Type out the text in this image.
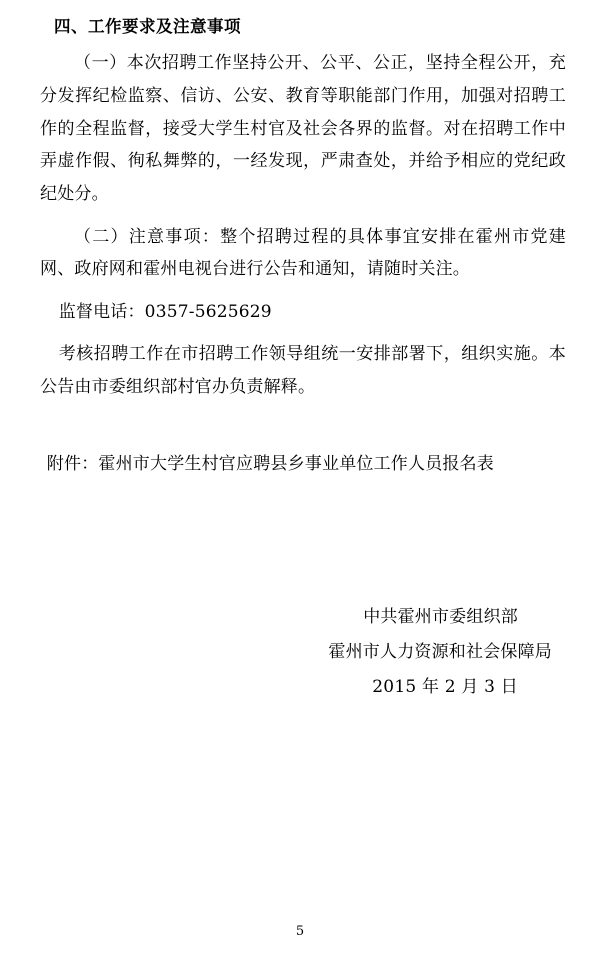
四、工作要求及注意事项

（一）本次招聘工作坚持公开、公平、公正，坚持全程公开，充分发挥纪检监察、信访、公安、教育等职能部门作用，加强对招聘工作的全程监督，接受大学生村官及社会各界的监督。对在招聘工作中弄虚作假、徇私舞弊的，一经发现，严肃查处，并给予相应的党纪政纪处分。

（二）注意事项：整个招聘过程的具体事宜安排在霍州市党建网、政府网和霍州电视台进行公告和通知，请随时关注。

监督电话：0357-5625629

考核招聘工作在市招聘工作领导组统一安排部署下，组织实施。本公告由市委组织部村官办负责解释。

附件：霍州市大学生村官应聘县乡事业单位工作人员报名表

中共霍州市委组织部
霍州市人力资源和社会保障局
2015 年 2 月 3 日
5
